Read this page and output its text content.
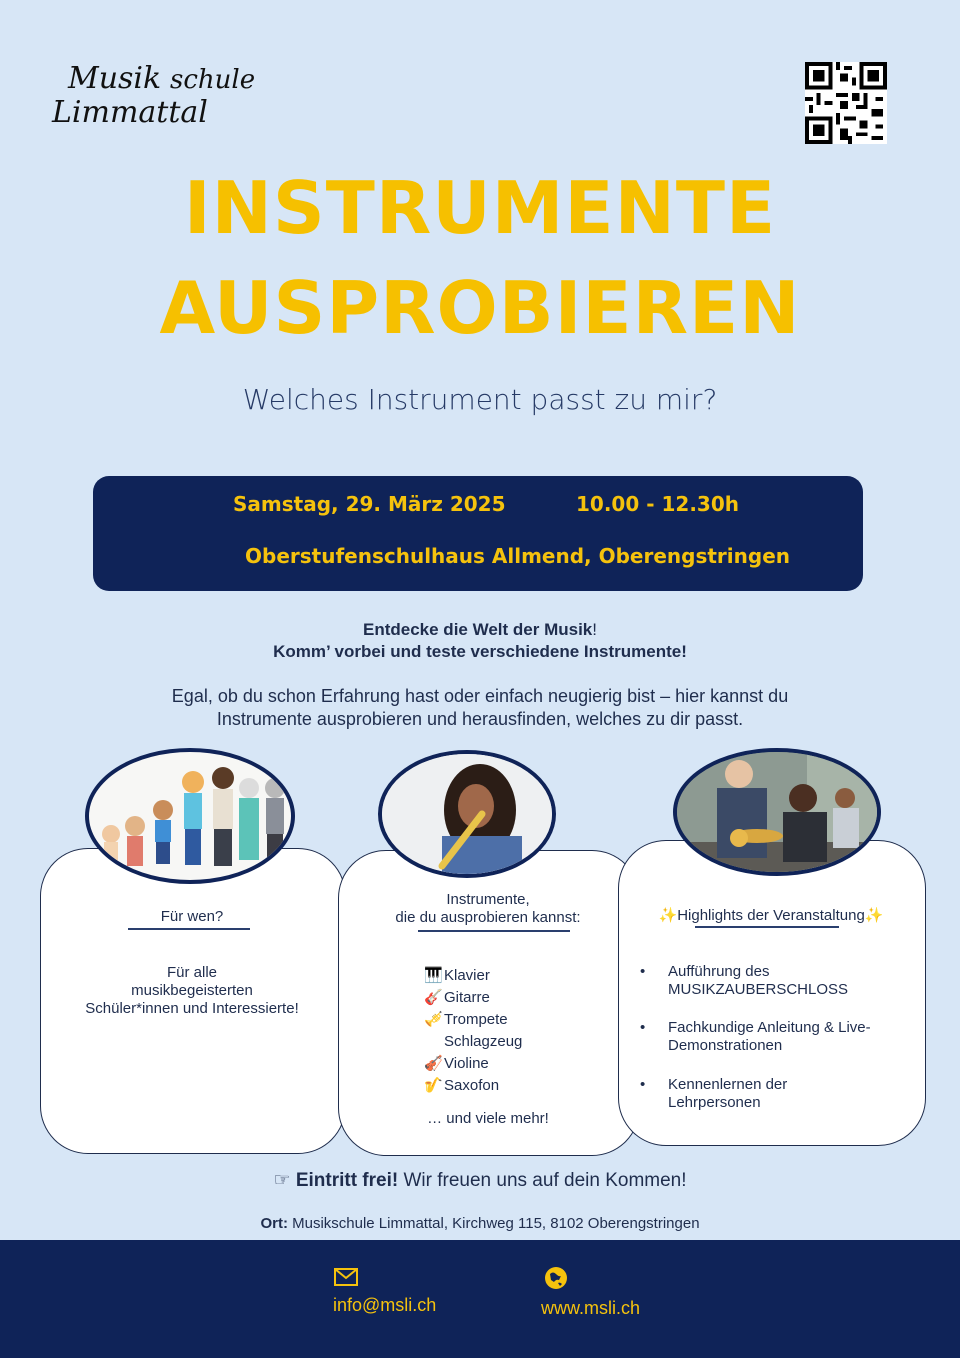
Musik schule
Limmattal
INSTRUMENTE
AUSPROBIEREN
Welches Instrument passt zu mir?
Samstag, 29. März 2025	10.00 - 12.30h
Oberstufenschulhaus Allmend, Oberengstringen
Entdecke die Welt der Musik!
Komm’ vorbei und teste verschiedene Instrumente!
Egal, ob du schon Erfahrung hast oder einfach neugierig bist – hier kannst du
Instrumente ausprobieren und herausfinden, welches zu dir passt.
Für wen?
Für alle
musikbegeisterten
Schüler*innen und Interessierte!
Instrumente,
die du ausprobieren kannst:
🎹Klavier
🎸Gitarre
🎺Trompete
Schlagzeug
🎻Violine
🎷Saxofon
… und viele mehr!
✨Highlights der Veranstaltung✨
•	Aufführung des
MUSIKZAUBERSCHLOSS
•	Fachkundige Anleitung & Live-
Demonstrationen
•	Kennenlernen der
Lehrpersonen
☞ Eintritt frei! Wir freuen uns auf dein Kommen!
Ort: Musikschule Limmattal, Kirchweg 115, 8102 Oberengstringen
info@msli.ch	www.msli.ch
